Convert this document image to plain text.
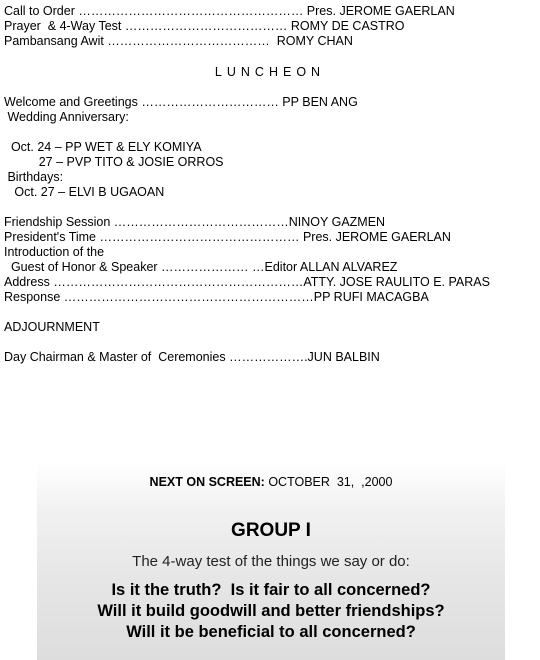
Call to Order ……………………………………………… Pres. JEROME GAERLAN
Prayer  & 4-Way Test ………………………………… ROMY DE CASTRO
Pambansang Awit …………………………………  ROMY CHAN
LUNCHEON
Welcome and Greetings …………………………… PP BEN ANG
Wedding Anniversary:
Oct. 24 – PP WET & ELY KOMIYA
27 – PVP TITO & JOSIE ORROS
Birthdays:
Oct. 27 – ELVI B UGAOAN
Friendship Session ……………………………………NINOY GAZMEN
President's Time ………………………………………… Pres. JEROME GAERLAN
Introduction of the
Guest of Honor & Speaker ………………… …Editor ALLAN ALVAREZ
Address ……………………………………………………ATTY. JOSE RAULITO E. PARAS
Response ……………………………………………………PP RUFI MACAGBA
ADJOURNMENT
Day Chairman & Master of  Ceremonies ……………….JUN BALBIN
NEXT ON SCREEN: OCTOBER  31,  ,2000
GROUP I
The 4-way test of the things we say or do:
Is it the truth?  Is it fair to all concerned?
Will it build goodwill and better friendships?
Will it be beneficial to all concerned?
